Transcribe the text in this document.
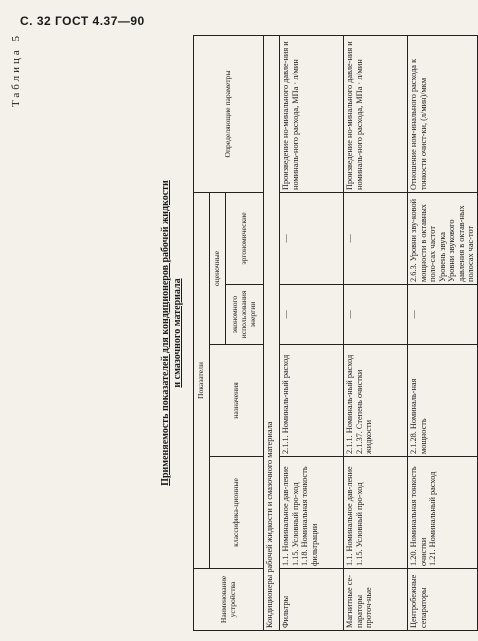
С. 32 ГОСТ 4.37—90
Таблица 5
Применяемость показателей для кондиционеров рабочей жидкости и смазочного материала
Наименование устройства	Показатели				Определяющие параметры
	классифика-ционные	назначения	оценочные		
			экономного использования энергии	эргономические	
Кондиционеры рабочей жидкости и смазочного материала					
Фильтры	1.1. Номинальное дав-ление
1.15. Условный про-ход
1.18. Номинальная тонкость фильтрации	2.1.1. Номиналь-ный расход	—	—	Произведение но-минального давле-ния и номиналь-ного расхода, МПа · л/мин
Магнитные се-параторы проточ-ные	1.1. Номинальное дав-ление
1.15. Условный про-ход	2.1.1. Номиналь-ный расход
2.1.37. Степень очистки жидкости	—	—	Произведение но-минального давле-ния и номиналь-ного расхода, МПа · л/мин
Центробежные сепараторы	1.20. Номинальная тонкость очистки
1.21. Номинальный расход	2.1.28. Номиналь-ная мощность	—	2.6.3. Уровни зву-ковой мощности в октавных поло-сах частот
Уровень звука
Уровни звукового давления в октав-ных полосах час-тот	Отношение ном-инального расхода к тонкости очист-ки, (л/мин)/мкм
